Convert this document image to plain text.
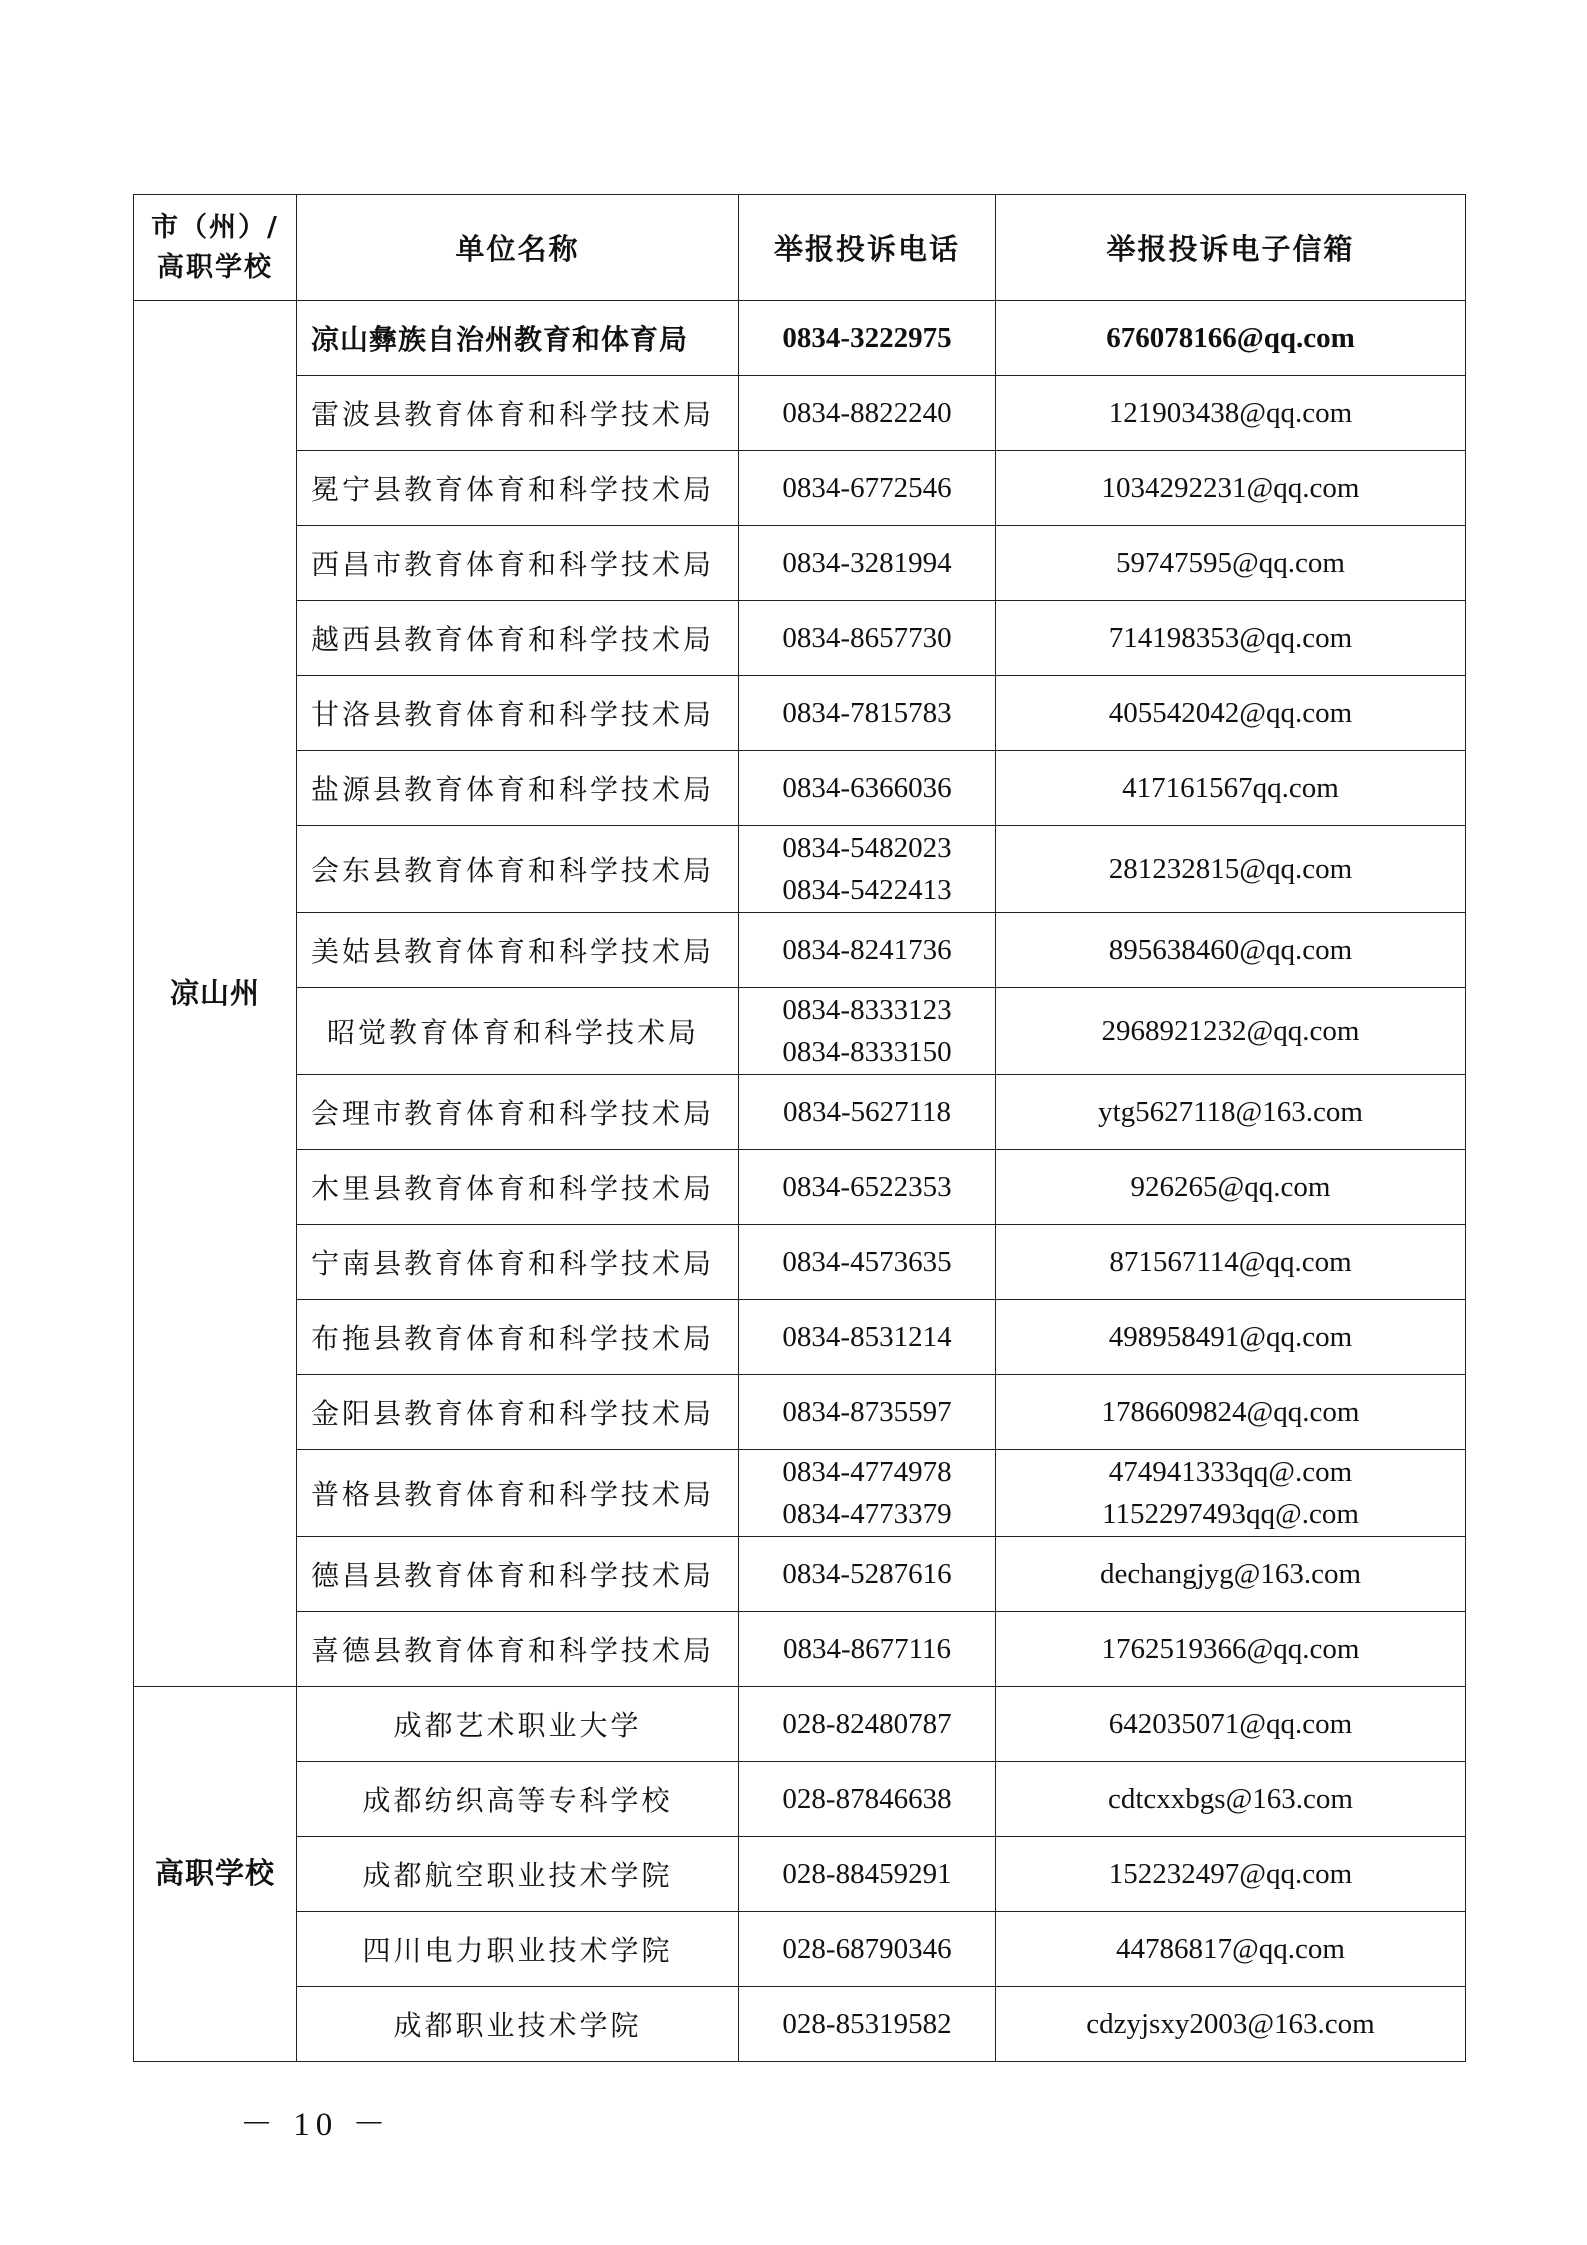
市（州）/高职学校	单位名称	举报投诉电话	举报投诉电子信箱
凉山州	凉山彝族自治州教育和体育局	0834-3222975	676078166@qq.com

	雷波县教育体育和科学技术局	0834-8822240	121903438@qq.com

	冕宁县教育体育和科学技术局	0834-6772546	1034292231@qq.com

	西昌市教育体育和科学技术局	0834-3281994	59747595@qq.com

	越西县教育体育和科学技术局	0834-8657730	714198353@qq.com

	甘洛县教育体育和科学技术局	0834-7815783	405542042@qq.com

	盐源县教育体育和科学技术局	0834-6366036	417161567qq.com

	会东县教育体育和科学技术局	0834-5482023
0834-5422413	281232815@qq.com

	美姑县教育体育和科学技术局	0834-8241736	895638460@qq.com

	昭觉教育体育和科学技术局	0834-8333123
0834-8333150	2968921232@qq.com

	会理市教育体育和科学技术局	0834-5627118	ytg5627118@163.com

	木里县教育体育和科学技术局	0834-6522353	926265@qq.com

	宁南县教育体育和科学技术局	0834-4573635	871567114@qq.com

	布拖县教育体育和科学技术局	0834-8531214	498958491@qq.com

	金阳县教育体育和科学技术局	0834-8735597	1786609824@qq.com

	普格县教育体育和科学技术局	0834-4774978
0834-4773379	474941333qq@.com
1152297493qq@.com

	德昌县教育体育和科学技术局	0834-5287616	dechangjyg@163.com

	喜德县教育体育和科学技术局	0834-8677116	1762519366@qq.com

高职学校	成都艺术职业大学	028-82480787	642035071@qq.com

	成都纺织高等专科学校	028-87846638	cdtcxxbgs@163.com

	成都航空职业技术学院	028-88459291	152232497@qq.com

	四川电力职业技术学院	028-68790346	44786817@qq.com

	成都职业技术学院	028-85319582	cdzyjsxy2003@163.com
－ 10 －
